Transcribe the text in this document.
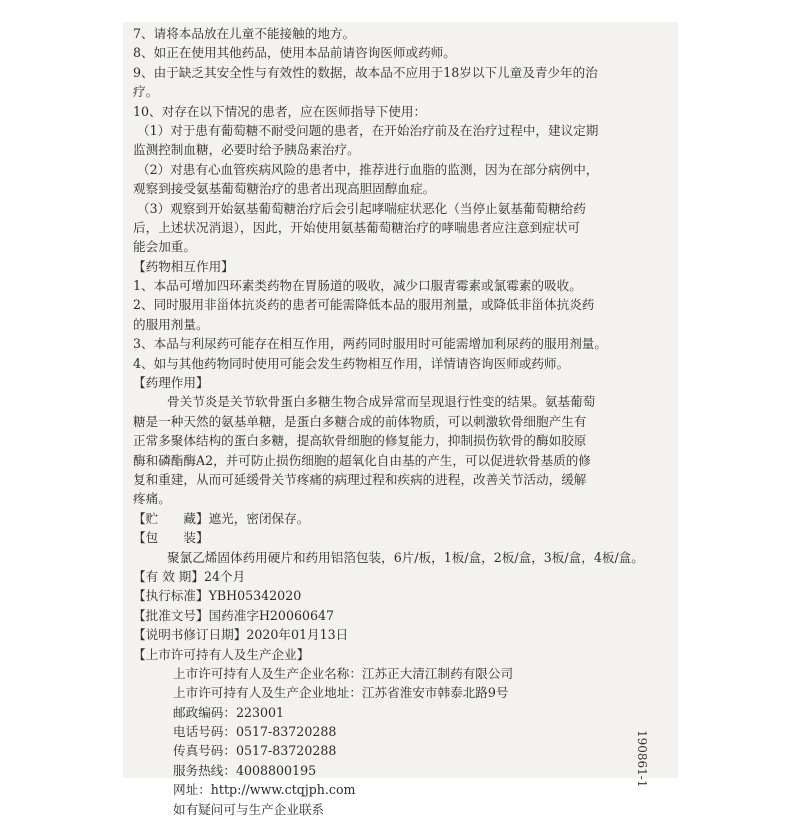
7、请将本品放在儿童不能接触的地方。
8、如正在使用其他药品，使用本品前请咨询医师或药师。
9、由于缺乏其安全性与有效性的数据，故本品不应用于18岁以下儿童及青少年的治
疗。
10、对存在以下情况的患者，应在医师指导下使用：
（1）对于患有葡萄糖不耐受问题的患者，在开始治疗前及在治疗过程中，建议定期
监测控制血糖，必要时给予胰岛素治疗。
（2）对患有心血管疾病风险的患者中，推荐进行血脂的监测，因为在部分病例中，
观察到接受氨基葡萄糖治疗的患者出现高胆固醇血症。
（3）观察到开始氨基葡萄糖治疗后会引起哮喘症状恶化（当停止氨基葡萄糖给药
后，上述状况消退），因此，开始使用氨基葡萄糖治疗的哮喘患者应注意到症状可
能会加重。
【药物相互作用】
1、本品可增加四环素类药物在胃肠道的吸收，减少口服青霉素或氯霉素的吸收。
2、同时服用非甾体抗炎药的患者可能需降低本品的服用剂量，或降低非甾体抗炎药
的服用剂量。
3、本品与利尿药可能存在相互作用，两药同时服用时可能需增加利尿药的服用剂量。
4、如与其他药物同时使用可能会发生药物相互作用，详情请咨询医师或药师。
【药理作用】
骨关节炎是关节软骨蛋白多糖生物合成异常而呈现退行性变的结果。氨基葡萄
糖是一种天然的氨基单糖，是蛋白多糖合成的前体物质，可以刺激软骨细胞产生有
正常多聚体结构的蛋白多糖，提高软骨细胞的修复能力，抑制损伤软骨的酶如胶原
酶和磷酯酶A2，并可防止损伤细胞的超氧化自由基的产生，可以促进软骨基质的修
复和重建，从而可延缓骨关节疼痛的病理过程和疾病的进程，改善关节活动，缓解
疼痛。
【贮　　藏】遮光，密闭保存。
【包　　装】
聚氯乙烯固体药用硬片和药用铝箔包装，6片/板，1板/盒，2板/盒，3板/盒，4板/盒。
【有 效 期】24个月
【执行标准】YBH05342020
【批准文号】国药准字H20060647
【说明书修订日期】2020年01月13日
【上市许可持有人及生产企业】
上市许可持有人及生产企业名称：江苏正大清江制药有限公司
上市许可持有人及生产企业地址：江苏省淮安市韩泰北路9号
邮政编码：223001
电话号码：0517-83720288
传真号码：0517-83720288
服务热线：4008800195
网址：http://www.ctqjph.com
如有疑问可与生产企业联系
190861-1
